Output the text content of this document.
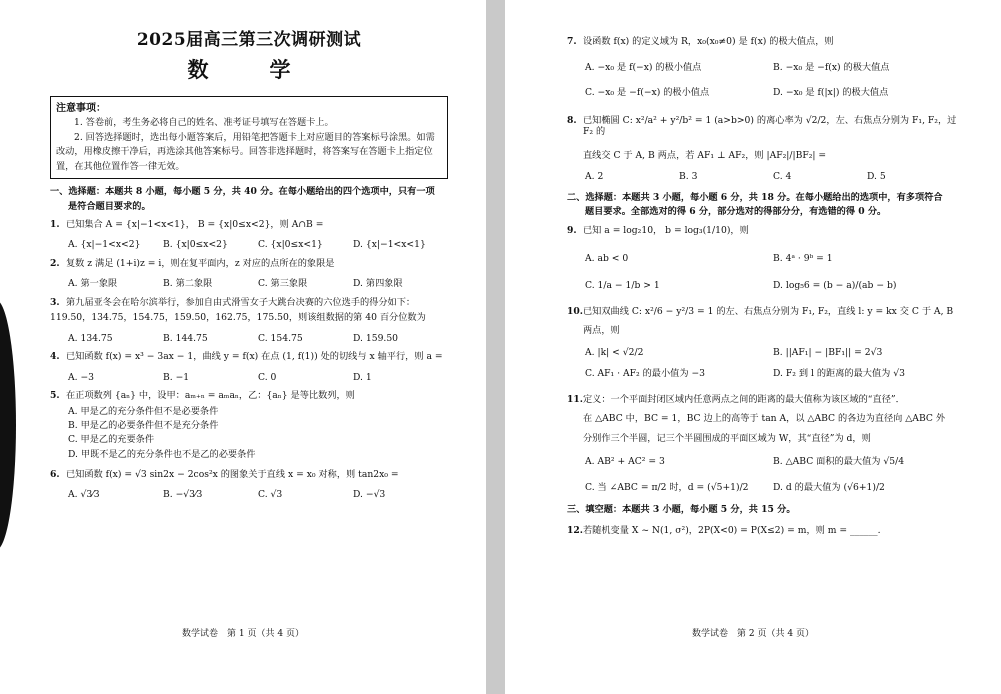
2025届高三第三次调研测试
数　学
注意事项：
1. 答卷前，考生务必将自己的姓名、准考证号填写在答题卡上。
2. 回答选择题时，选出每小题答案后，用铅笔把答题卡上对应题目的答案标号涂黑。如需改动，用橡皮擦干净后，再选涂其他答案标号。回答非选择题时，将答案写在答题卡上指定位置，在其他位置作答一律无效。
一、选择题：本题共 8 小题，每小题 5 分，共 40 分。在每小题给出的四个选项中，只有一项
是符合题目要求的。
1. 已知集合 A = {x|−1<x<1}， B = {x|0≤x<2}，则 A∩B =
A. {x|−1<x<2}	B. {x|0≤x<2}	C. {x|0≤x<1}	D. {x|−1<x<1}
2. 复数 z 满足 (1+i)z = i，则在复平面内，z 对应的点所在的象限是
A. 第一象限	B. 第二象限	C. 第三象限	D. 第四象限
3. 第九届亚冬会在哈尔滨举行，参加自由式滑雪女子大跳台决赛的六位选手的得分如下：
119.50，134.75，154.75，159.50，162.75，175.50，则该组数据的第 40 百分位数为
A. 134.75	B. 144.75	C. 154.75	D. 159.50
4. 已知函数 f(x) = x³ − 3ax − 1，曲线 y = f(x) 在点 (1, f(1)) 处的切线与 x 轴平行，则 a =
A. −3	B. −1	C. 0	D. 1
5. 在正项数列 {aₙ} 中，设甲：aₘ₊ₙ = aₘaₙ，乙：{aₙ} 是等比数列，则
A. 甲是乙的充分条件但不是必要条件
B. 甲是乙的必要条件但不是充分条件
C. 甲是乙的充要条件
D. 甲既不是乙的充分条件也不是乙的必要条件
6. 已知函数 f(x) = √3 sin2x − 2cos²x 的图象关于直线 x = x₀ 对称，则 tan2x₀ =
A. √3⁄3	B. −√3⁄3	C. √3	D. −√3
数学试卷　第 1 页（共 4 页）
7. 设函数 f(x) 的定义域为 R，x₀(x₀≠0) 是 f(x) 的极大值点，则
A. −x₀ 是 f(−x) 的极小值点	B. −x₀ 是 −f(x) 的极大值点
C. −x₀ 是 −f(−x) 的极小值点	D. −x₀ 是 f(|x|) 的极大值点
8. 已知椭圆 C: x²/a² + y²/b² = 1 (a>b>0) 的离心率为 √2/2，左、右焦点分别为 F₁, F₂，过 F₂ 的
直线交 C 于 A, B 两点，若 AF₁ ⊥ AF₂，则 |AF₂|/|BF₂| =
A. 2	B. 3	C. 4	D. 5
二、选择题：本题共 3 小题，每小题 6 分，共 18 分。在每小题给出的选项中，有多项符合
题目要求。全部选对的得 6 分，部分选对的得部分分，有选错的得 0 分。
9. 已知 a = log₂10， b = log₃(1/10)，则
A. ab < 0	B. 4ᵃ · 9ᵇ = 1
C. 1/a − 1/b > 1	D. log₅6 = (b − a)/(ab − b)
10. 已知双曲线 C: x²/6 − y²/3 = 1 的左、右焦点分别为 F₁, F₂，直线 l: y = kx 交 C 于 A, B
两点，则
A. |k| < √2/2	B. ||AF₁| − |BF₁|| = 2√3
C. AF₁ · AF₂ 的最小值为 −3	D. F₂ 到 l 的距离的最大值为 √3
11. 定义：一个平面封闭区域内任意两点之间的距离的最大值称为该区域的“直径”．
在 △ABC 中，BC = 1，BC 边上的高等于 tan A，以 △ABC 的各边为直径向 △ABC 外
分别作三个半圆，记三个半圆围成的平面区域为 W，其“直径”为 d，则
A. AB² + AC² = 3	B. △ABC 面积的最大值为 √5/4
C. 当 ∠ABC = π/2 时，d = (√5+1)/2	D. d 的最大值为 (√6+1)/2
三、填空题：本题共 3 小题，每小题 5 分，共 15 分。
12. 若随机变量 X ~ N(1, σ²)，2P(X<0) = P(X≤2) = m，则 m = ______.
数学试卷　第 2 页（共 4 页）
